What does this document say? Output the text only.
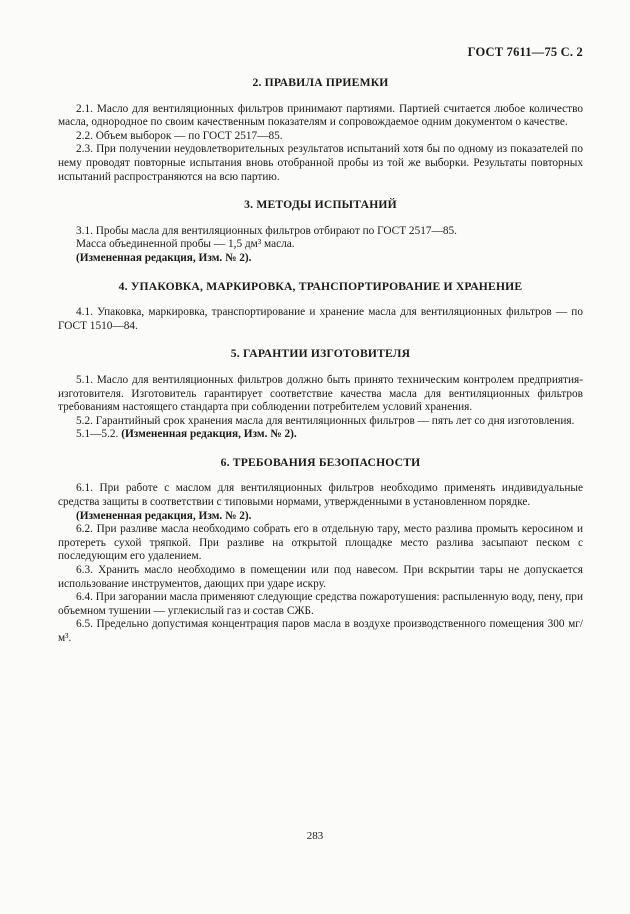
ГОСТ 7611—75 С. 2
2. ПРАВИЛА ПРИЕМКИ

2.1. Масло для вентиляционных фильтров принимают партиями. Партией считается любое количество масла, однородное по своим качественным показателям и сопровождаемое одним документом о качестве.

2.2. Объем выборок — по ГОСТ 2517—85.

2.3. При получении неудовлетворительных результатов испытаний хотя бы по одному из показателей по нему проводят повторные испытания вновь отобранной пробы из той же выборки. Результаты повторных испытаний распространяются на всю партию.

3. МЕТОДЫ ИСПЫТАНИЙ

3.1. Пробы масла для вентиляционных фильтров отбирают по ГОСТ 2517—85.

Масса объединенной пробы — 1,5 дм³ масла.

(Измененная редакция, Изм. № 2).

4. УПАКОВКА, МАРКИРОВКА, ТРАНСПОРТИРОВАНИЕ И ХРАНЕНИЕ

4.1. Упаковка, маркировка, транспортирование и хранение масла для вентиляционных фильтров — по ГОСТ 1510—84.

5. ГАРАНТИИ ИЗГОТОВИТЕЛЯ

5.1. Масло для вентиляционных фильтров должно быть принято техническим контролем предприятия-изготовителя. Изготовитель гарантирует соответствие качества масла для вентиляционных фильтров требованиям настоящего стандарта при соблюдении потребителем условий хранения.

5.2. Гарантийный срок хранения масла для вентиляционных фильтров — пять лет со дня изготовления.

5.1—5.2. (Измененная редакция, Изм. № 2).

6. ТРЕБОВАНИЯ БЕЗОПАСНОСТИ

6.1. При работе с маслом для вентиляционных фильтров необходимо применять индивидуальные средства защиты в соответствии с типовыми нормами, утвержденными в установленном порядке.

(Измененная редакция, Изм. № 2).

6.2. При разливе масла необходимо собрать его в отдельную тару, место разлива промыть керосином и протереть сухой тряпкой. При разливе на открытой площадке место разлива засыпают песком с последующим его удалением.

6.3. Хранить масло необходимо в помещении или под навесом. При вскрытии тары не допускается использование инструментов, дающих при ударе искру.

6.4. При загорании масла применяют следующие средства пожаротушения: распыленную воду, пену, при объемном тушении — углекислый газ и состав СЖБ.

6.5. Предельно допустимая концентрация паров масла в воздухе производственного помещения 300 мг/м³.

283
